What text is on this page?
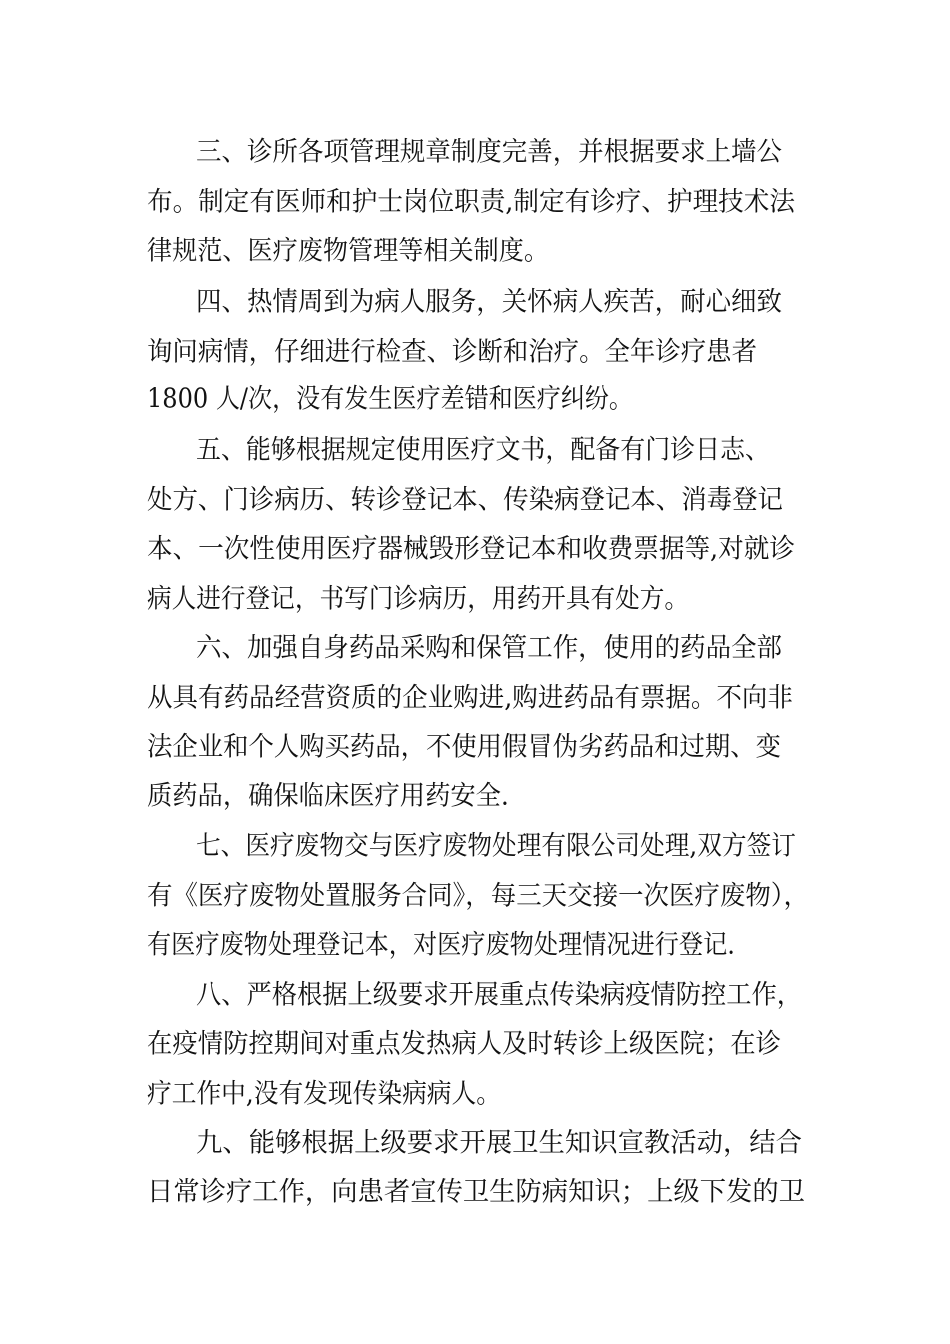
三、诊所各项管理规章制度完善，并根据要求上墙公
布。制定有医师和护士岗位职责,制定有诊疗、护理技术法
律规范、医疗废物管理等相关制度。
四、热情周到为病人服务，关怀病人疾苦，耐心细致
询问病情，仔细进行检查、诊断和治疗。全年诊疗患者
1800 人/次，没有发生医疗差错和医疗纠纷。
五、能够根据规定使用医疗文书，配备有门诊日志、
处方、门诊病历、转诊登记本、传染病登记本、消毒登记
本、一次性使用医疗器械毁形登记本和收费票据等,对就诊
病人进行登记，书写门诊病历，用药开具有处方。
六、加强自身药品采购和保管工作，使用的药品全部
从具有药品经营资质的企业购进,购进药品有票据。不向非
法企业和个人购买药品，不使用假冒伪劣药品和过期、变
质药品，确保临床医疗用药安全.
七、医疗废物交与医疗废物处理有限公司处理,双方签订
有《医疗废物处置服务合同》，每三天交接一次医疗废物），
有医疗废物处理登记本，对医疗废物处理情况进行登记.
八、严格根据上级要求开展重点传染病疫情防控工作，
在疫情防控期间对重点发热病人及时转诊上级医院；在诊
疗工作中,没有发现传染病病人。
九、能够根据上级要求开展卫生知识宣教活动，结合
日常诊疗工作，向患者宣传卫生防病知识；上级下发的卫
